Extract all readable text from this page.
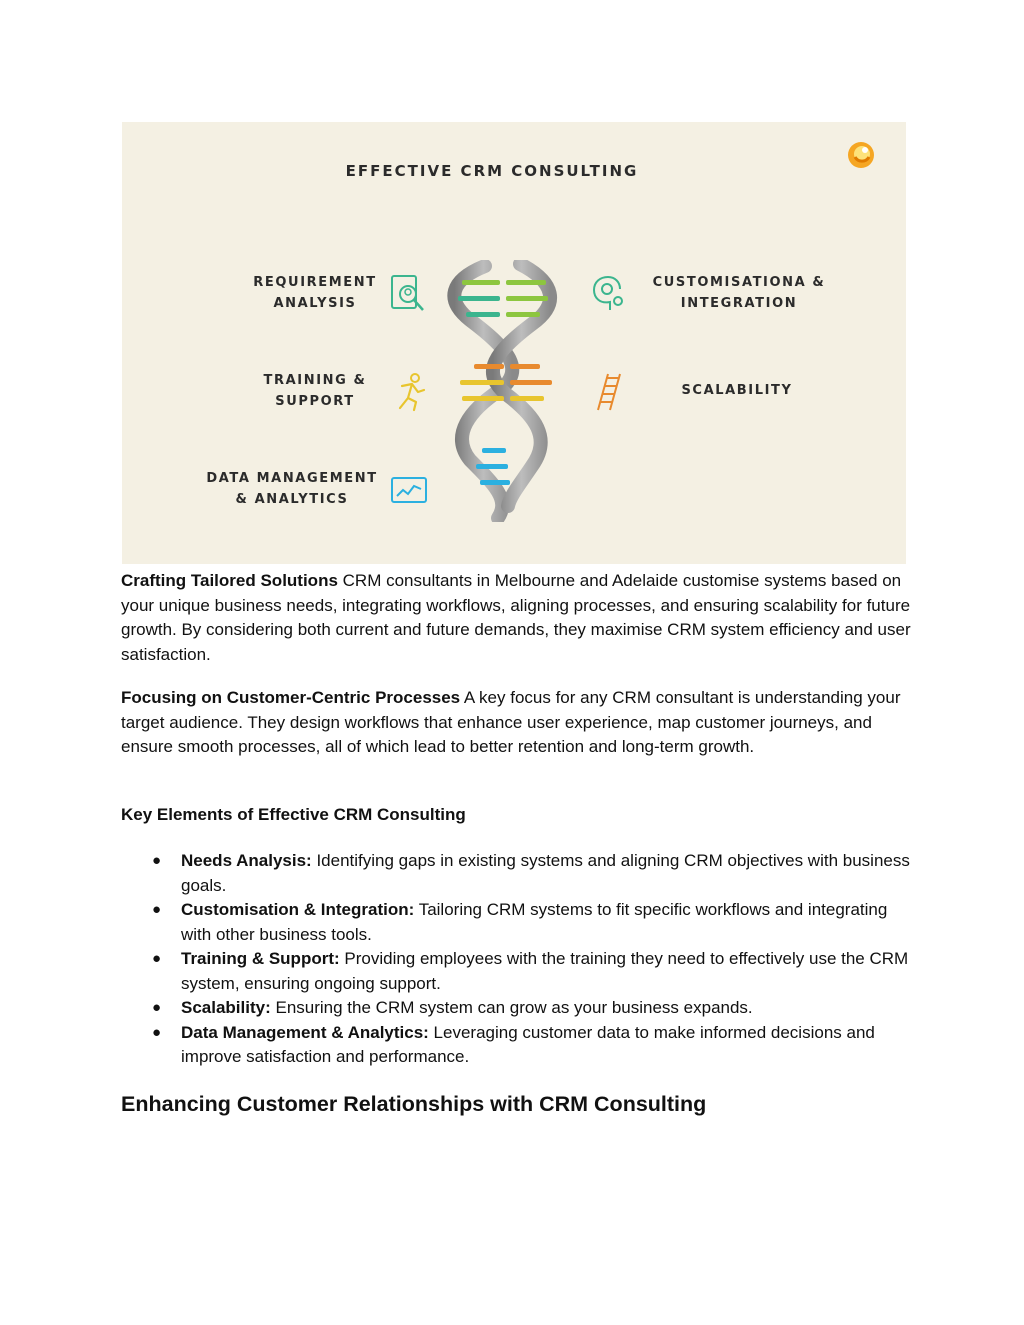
EFFECTIVE CRM CONSULTING
REQUIREMENT
ANALYSIS
CUSTOMISATIONA &
INTEGRATION
TRAINING &
SUPPORT
SCALABILITY
DATA MANAGEMENT
& ANALYTICS

Crafting Tailored Solutions CRM consultants in Melbourne and Adelaide customise systems based on your unique business needs, integrating workflows, aligning processes, and ensuring scalability for future growth. By considering both current and future demands, they maximise CRM system efficiency and user satisfaction.

Focusing on Customer-Centric Processes A key focus for any CRM consultant is understanding your target audience. They design workflows that enhance user experience, map customer journeys, and ensure smooth processes, all of which lead to better retention and long-term growth.

Key Elements of Effective CRM Consulting

● Needs Analysis: Identifying gaps in existing systems and aligning CRM objectives with business goals.
● Customisation & Integration: Tailoring CRM systems to fit specific workflows and integrating with other business tools.
● Training & Support: Providing employees with the training they need to effectively use the CRM system, ensuring ongoing support.
● Scalability: Ensuring the CRM system can grow as your business expands.
● Data Management & Analytics: Leveraging customer data to make informed decisions and improve satisfaction and performance.
Enhancing Customer Relationships with CRM Consulting
